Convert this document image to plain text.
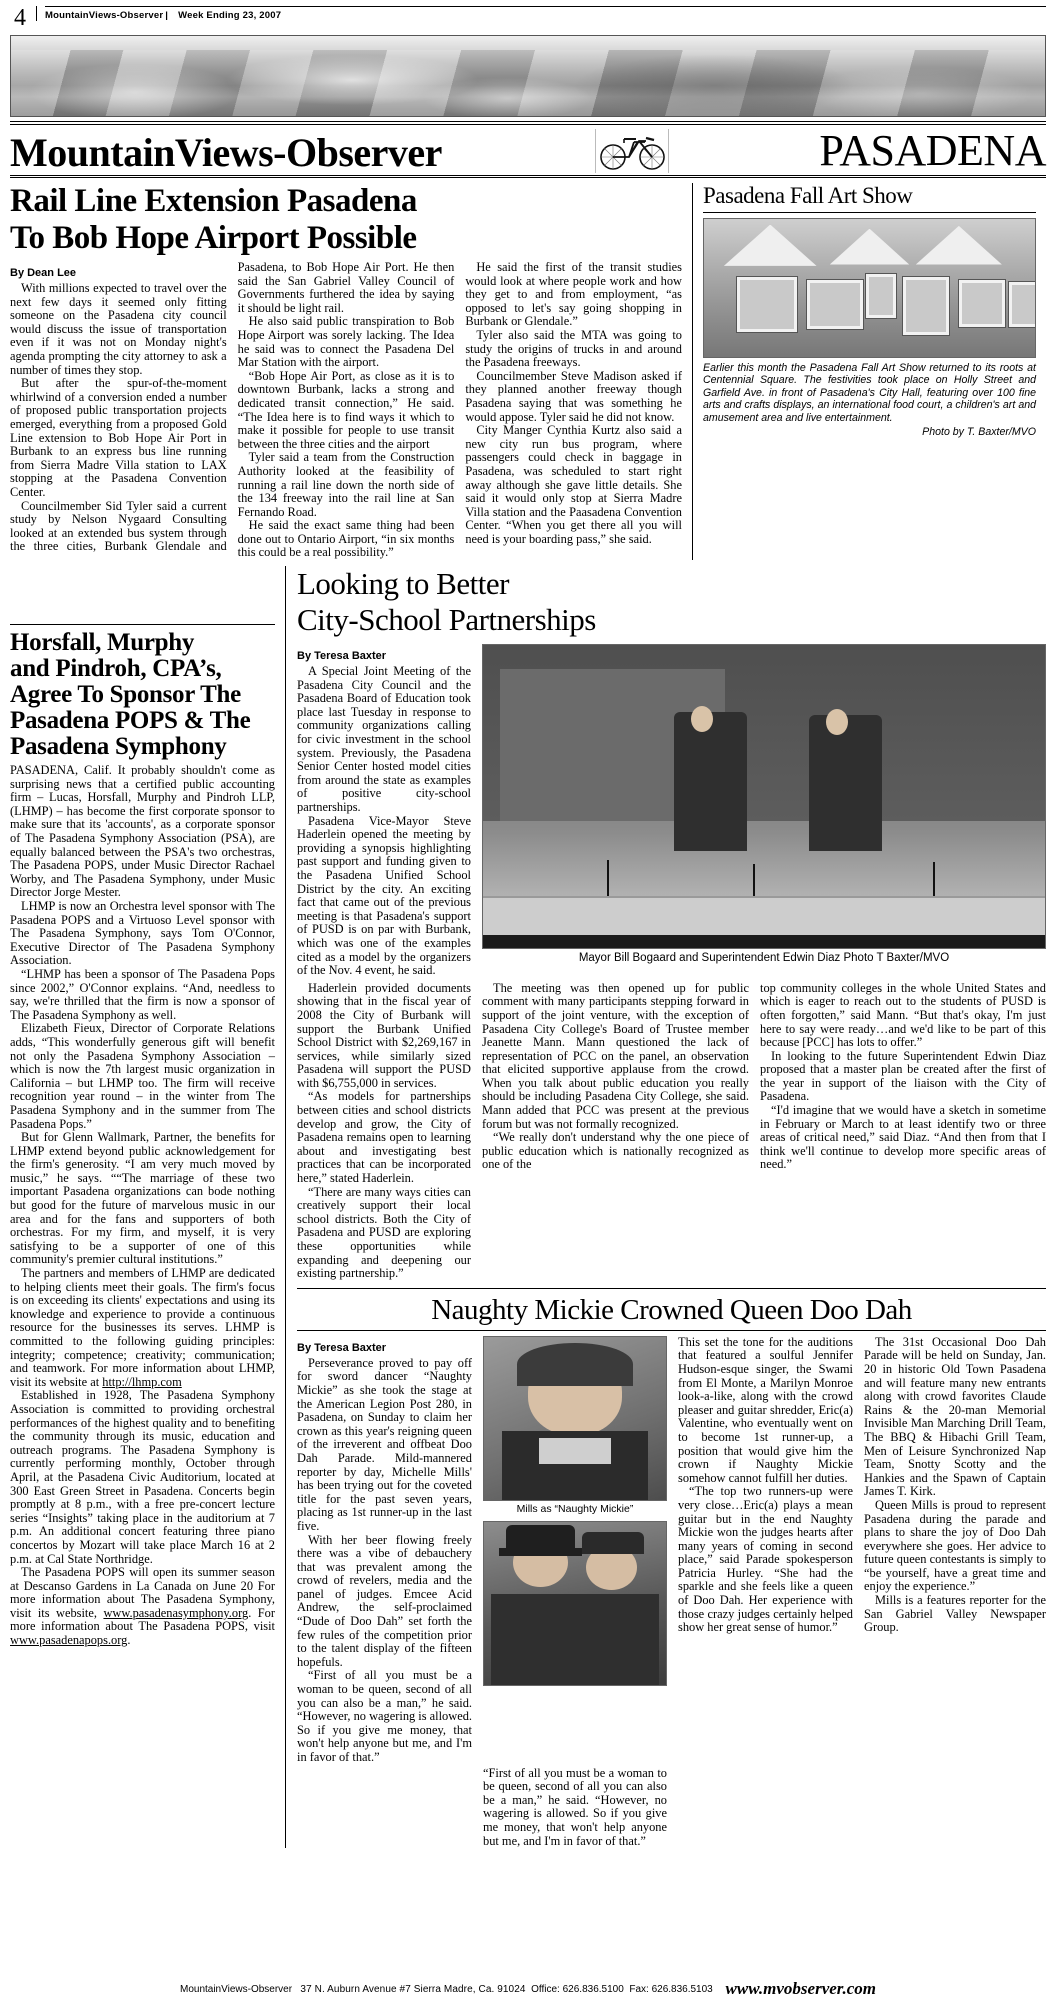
4	MountainViews-Observer | Week Ending 23, 2007
MountainViews-Observer	PASADENA
Rail Line Extension Pasadena
To Bob Hope Airport Possible
By Dean Lee

With millions expected to travel over the next few days it seemed only fitting someone on the Pasadena city council would discuss the issue of transportation even if it was not on Monday night's agenda prompting the city attorney to ask a number of times they stop.

But after the spur-of-the-moment whirlwind of a conversion ended a number of proposed public transportation projects emerged, everything from a proposed Gold Line extension to Bob Hope Air Port in Burbank to an express bus line running from Sierra Madre Villa station to LAX stopping at the Pasadena Convention Center.

Councilmember Sid Tyler said a current study by Nelson Nygaard Consulting looked at an extended bus system through the three cities, Burbank Glendale and Pasadena, to Bob Hope Air Port. He then said the San Gabriel Valley Council of Governments furthered the idea by saying it should be light rail.

He also said public transpiration to Bob Hope Airport was sorely lacking. The Idea he said was to connect the Pasadena Del Mar Station with the airport.

“Bob Hope Air Port, as close as it is to downtown Burbank, lacks a strong and dedicated transit connection,” He said. “The Idea here is to find ways it which to make it possible for people to use transit between the three cities and the airport

Tyler said a team from the Construction Authority looked at the feasibility of running a rail line down the north side of the 134 freeway into the rail line at San Fernando Road.

He said the exact same thing had been done out to Ontario Airport, “in six months this could be a real possibility.”

He said the first of the transit studies would look at where people work and how they get to and from employment, “as opposed to let's say going shopping in Burbank or Glendale.”

Tyler also said the MTA was going to study the origins of trucks in and around the Pasadena freeways.

Councilmember Steve Madison asked if they planned another freeway though Pasadena saying that was something he would appose. Tyler said he did not know.

City Manger Cynthia Kurtz also said a new city run bus program, where passengers could check in baggage in Pasadena, was scheduled to start right away although she gave little details. She said it would only stop at Sierra Madre Villa station and the Paasadena Convention Center. “When you get there all you will need is your boarding pass,” she said.

Pasadena Fall Art Show
Earlier this month the Pasadena Fall Art Show returned to its roots at Centennial Square. The festivities took place on Holly Street and Garfield Ave. in front of Pasadena's City Hall, featuring over 100 fine arts and crafts displays, an international food court, a children's art and amusement area and live entertainment.
Photo by T. Baxter/MVO
Horsfall, Murphy
and Pindroh, CPA’s,
Agree To Sponsor The
Pasadena POPS & The
Pasadena Symphony

PASADENA, Calif. It probably shouldn't come as surprising news that a certified public accounting firm – Lucas, Horsfall, Murphy and Pindroh LLP, (LHMP) – has become the first corporate sponsor to make sure that its 'accounts', as a corporate sponsor of The Pasadena Symphony Association (PSA), are equally balanced between the PSA's two orchestras, The Pasadena POPS, under Music Director Rachael Worby, and The Pasadena Symphony, under Music Director Jorge Mester.

LHMP is now an Orchestra level sponsor with The Pasadena POPS and a Virtuoso Level sponsor with The Pasadena Symphony, says Tom O'Connor, Executive Director of The Pasadena Symphony Association.

“LHMP has been a sponsor of The Pasadena Pops since 2002,” O'Connor explains. “And, needless to say, we're thrilled that the firm is now a sponsor of The Pasadena Symphony as well.

Elizabeth Fieux, Director of Corporate Relations adds, “This wonderfully generous gift will benefit not only the Pasadena Symphony Association – which is now the 7th largest music organization in California – but LHMP too. The firm will receive recognition year round – in the winter from The Pasadena Symphony and in the summer from The Pasadena Pops.”

But for Glenn Wallmark, Partner, the benefits for LHMP extend beyond public acknowledgement for the firm's generosity. “I am very much moved by music,” he says. ““The marriage of these two important Pasadena organizations can bode nothing but good for the future of marvelous music in our area and for the fans and supporters of both orchestras. For my firm, and myself, it is very satisfying to be a supporter of one of this community's premier cultural institutions.”

The partners and members of LHMP are dedicated to helping clients meet their goals. The firm's focus is on exceeding its clients' expectations and using its knowledge and experience to provide a continuous resource for the businesses its serves. LHMP is committed to the following guiding principles: integrity; competence; creativity; communication; and teamwork. For more information about LHMP, visit its website at http://lhmp.com

Established in 1928, The Pasadena Symphony Association is committed to providing orchestral performances of the highest quality and to benefiting the community through its music, education and outreach programs. The Pasadena Symphony is currently performing monthly, October through April, at the Pasadena Civic Auditorium, located at 300 East Green Street in Pasadena. Concerts begin promptly at 8 p.m., with a free pre-concert lecture series “Insights” taking place in the auditorium at 7 p.m. An additional concert featuring three piano concertos by Mozart will take place March 16 at 2 p.m. at Cal State Northridge.

The Pasadena POPS will open its summer season at Descanso Gardens in La Canada on June 20 For more information about The Pasadena Symphony, visit its website, www.pasadenasymphony.org. For more information about The Pasadena POPS, visit www.pasadenapops.org.

Looking to Better
City-School Partnerships
By Teresa Baxter

A Special Joint Meeting of the Pasadena City Council and the Pasadena Board of Education took place last Tuesday in response to community organizations calling for civic investment in the school system. Previously, the Pasadena Senior Center hosted model cities from around the state as examples of positive city-school partnerships.

Pasadena Vice-Mayor Steve Haderlein opened the meeting by providing a synopsis highlighting past support and funding given to the Pasadena Unified School District by the city. An exciting fact that came out of the previous meeting is that Pasadena's support of PUSD is on par with Burbank, which was one of the examples cited as a model by the organizers of the Nov. 4 event, he said.

Mayor Bill Bogaard and Superintendent Edwin Diaz Photo T Baxter/MVO

Haderlein provided documents showing that in the fiscal year of 2008 the City of Burbank will support the Burbank Unified School District with $2,269,167 in services, while similarly sized Pasadena will support the PUSD with $6,755,000 in services.

“As models for partnerships between cities and school districts develop and grow, the City of Pasadena remains open to learning about and investigating best practices that can be incorporated here,” stated Haderlein.

“There are many ways cities can creatively support their local school districts. Both the City of Pasadena and PUSD are exploring these opportunities while expanding and deepening our existing partnership.”

The meeting was then opened up for public comment with many participants stepping forward in support of the joint venture, with the exception of Pasadena City College's Board of Trustee member Jeanette Mann. Mann questioned the lack of representation of PCC on the panel, an observation that elicited supportive applause from the crowd. When you talk about public education you really should be including Pasadena City College, she said. Mann added that PCC was present at the previous forum but was not formally recognized.

“We really don't understand why the one piece of public education which is nationally recognized as one of the

top community colleges in the whole United States and which is eager to reach out to the students of PUSD is often forgotten,” said Mann. “But that's okay, I'm just here to say were ready…and we'd like to be part of this because [PCC] has lots to offer.”

In looking to the future Superintendent Edwin Diaz proposed that a master plan be created after the first of the year in support of the liaison with the City of Pasadena.

“I'd imagine that we would have a sketch in sometime in February or March to at least identify two or three areas of critical need,” said Diaz. “And then from that I think we'll continue to develop more specific areas of need.”

Naughty Mickie Crowned Queen Doo Dah
By Teresa Baxter

Perseverance proved to pay off for sword dancer “Naughty Mickie” as she took the stage at the American Legion Post 280, in Pasadena, on Sunday to claim her crown as this year's reigning queen of the irreverent and offbeat Doo Dah Parade. Mild-mannered reporter by day, Michelle Mills' has been trying out for the coveted title for the past seven years, placing as 1st runner-up in the last five.

With her beer flowing freely there was a vibe of debauchery that was prevalent among the crowd of revelers, media and the panel of judges. Emcee Acid Andrew, the self-proclaimed “Dude of Doo Dah” set forth the few rules of the competition prior to the talent display of the fifteen hopefuls.

“First of all you must be a woman to be queen, second of all you can also be a man,” he said. “However, no wagering is allowed. So if you give me money, that won't help anyone but me, and I'm in favor of that.”

Mills as “Naughty Mickie”

This set the tone for the auditions that featured a soulful Jennifer Hudson-esque singer, the Swami from El Monte, a Marilyn Monroe look-a-like, along with the crowd pleaser and guitar shredder, Eric(a) Valentine, who eventually went on to become 1st runner-up, a position that would give him the crown if Naughty Mickie somehow cannot fulfill her duties.

“The top two runners-up were very close…Eric(a) plays a mean guitar but in the end Naughty Mickie won the judges hearts after many years of coming in second place,” said Parade spokesperson Patricia Hurley. “She had the sparkle and she feels like a queen of Doo Dah. Her experience with those crazy judges certainly helped show her great sense of humor.”

The 31st Occasional Doo Dah Parade will be held on Sunday, Jan. 20 in historic Old Town Pasadena and will feature many new entrants along with crowd favorites Claude Rains & the 20-man Memorial Invisible Man Marching Drill Team, The BBQ & Hibachi Grill Team, Men of Leisure Synchronized Nap Team, Snotty Scotty and the Hankies and the Spawn of Captain James T. Kirk.

Queen Mills is proud to represent Pasadena during the parade and plans to share the joy of Doo Dah everywhere she goes. Her advice to future queen contestants is simply to “be yourself, have a great time and enjoy the experience.”

Mills is a features reporter for the San Gabriel Valley Newspaper Group.

“First of all you must be a woman to be queen, second of all you can also be a man,” he said. “However, no wagering is allowed. So if you give me money, that won't help anyone but me, and I'm in favor of that.”

MountainViews-Observer 37 N. Auburn Avenue #7 Sierra Madre, Ca. 91024 Office: 626.836.5100 Fax: 626.836.5103 www.mvobserver.com
